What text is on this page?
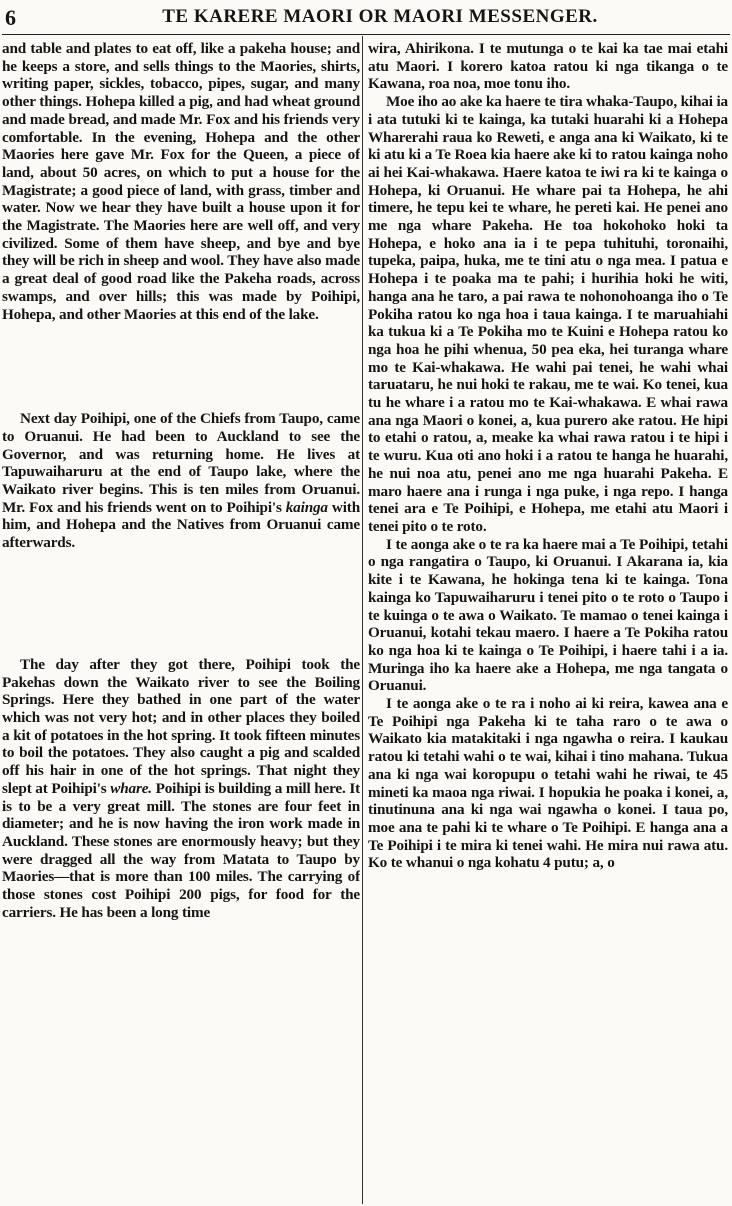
6	TE KARERE MAORI OR MAORI MESSENGER.

and table and plates to eat off, like a pakeha house; and he keeps a store, and sells things to the Maories, shirts, writing paper, sickles, tobacco, pipes, sugar, and many other things. Hohepa killed a pig, and had wheat ground and made bread, and made Mr. Fox and his friends very comfortable. In the evening, Hohepa and the other Maories here gave Mr. Fox for the Queen, a piece of land, about 50 acres, on which to put a house for the Magistrate; a good piece of land, with grass, timber and water. Now we hear they have built a house upon it for the Magistrate. The Maories here are well off, and very civilized. Some of them have sheep, and bye and bye they will be rich in sheep and wool. They have also made a great deal of good road like the Pakeha roads, across swamps, and over hills; this was made by Poihipi, Hohepa, and other Maories at this end of the lake.

Next day Poihipi, one of the Chiefs from Taupo, came to Oruanui. He had been to Auckland to see the Governor, and was returning home. He lives at Tapuwaiharuru at the end of Taupo lake, where the Waikato river begins. This is ten miles from Oruanui. Mr. Fox and his friends went on to Poihipi's kainga with him, and Hohepa and the Natives from Oruanui came afterwards.

The day after they got there, Poihipi took the Pakehas down the Waikato river to see the Boiling Springs. Here they bathed in one part of the water which was not very hot; and in other places they boiled a kit of potatoes in the hot spring. It took fifteen minutes to boil the potatoes. They also caught a pig and scalded off his hair in one of the hot springs. That night they slept at Poihipi's whare. Poihipi is building a mill here. It is to be a very great mill. The stones are four feet in diameter; and he is now having the iron work made in Auckland. These stones are enormously heavy; but they were dragged all the way from Matata to Taupo by Maories—that is more than 100 miles. The carrying of those stones cost Poihipi 200 pigs, for food for the carriers. He has been a long time

wira, Ahirikona. I te mutunga o te kai ka tae mai etahi atu Maori. I korero katoa ratou ki nga tikanga o te Kawana, roa noa, moe tonu iho.

Moe iho ao ake ka haere te tira whaka-Taupo, kihai ia i ata tutuki ki te kainga, ka tutaki huarahi ki a Hohepa Wharerahi raua ko Reweti, e anga ana ki Waikato, ki te ki atu ki a Te Roea kia haere ake ki to ratou kainga noho ai hei Kai-whakawa. Haere katoa te iwi ra ki te kainga o Hohepa, ki Oruanui. He whare pai ta Hohepa, he ahi timere, he tepu kei te whare, he pereti kai. He penei ano me nga whare Pakeha. He toa hokohoko hoki ta Hohepa, e hoko ana ia i te pepa tuhituhi, toronaihi, tupeka, paipa, huka, me te tini atu o nga mea. I patua e Hohepa i te poaka ma te pahi; i hurihia hoki he witi, hanga ana he taro, a pai rawa te nohonohoanga iho o Te Pokiha ratou ko nga hoa i taua kainga. I te maruahiahi ka tukua ki a Te Pokiha mo te Kuini e Hohepa ratou ko nga hoa he pihi whenua, 50 pea eka, hei turanga whare mo te Kai-whakawa. He wahi pai tenei, he wahi whai taruataru, he nui hoki te rakau, me te wai. Ko tenei, kua tu he whare i a ratou mo te Kai-whakawa. E whai rawa ana nga Maori o konei, a, kua purero ake ratou. He hipi to etahi o ratou, a, meake ka whai rawa ratou i te hipi i te wuru. Kua oti ano hoki i a ratou te hanga he huarahi, he nui noa atu, penei ano me nga huarahi Pakeha. E maro haere ana i runga i nga puke, i nga repo. I hanga tenei ara e Te Poihipi, e Hohepa, me etahi atu Maori i tenei pito o te roto.

I te aonga ake o te ra ka haere mai a Te Poihipi, tetahi o nga rangatira o Taupo, ki Oruanui. I Akarana ia, kia kite i te Kawana, he hokinga tena ki te kainga. Tona kainga ko Tapuwaiharuru i tenei pito o te roto o Taupo i te kuinga o te awa o Waikato. Te mamao o tenei kainga i Oruanui, kotahi tekau maero. I haere a Te Pokiha ratou ko nga hoa ki te kainga o Te Poihipi, i haere tahi i a ia. Muringa iho ka haere ake a Hohepa, me nga tangata o Oruanui.

I te aonga ake o te ra i noho ai ki reira, kawea ana e Te Poihipi nga Pakeha ki te taha raro o te awa o Waikato kia matakitaki i nga ngawha o reira. I kaukau ratou ki tetahi wahi o te wai, kihai i tino mahana. Tukua ana ki nga wai koropupu o tetahi wahi he riwai, te 45 mineti ka maoa nga riwai. I hopukia he poaka i konei, a, tinutinuna ana ki nga wai ngawha o konei. I taua po, moe ana te pahi ki te whare o Te Poihipi. E hanga ana a Te Poihipi i te mira ki tenei wahi. He mira nui rawa atu. Ko te whanui o nga kohatu 4 putu; a, o
